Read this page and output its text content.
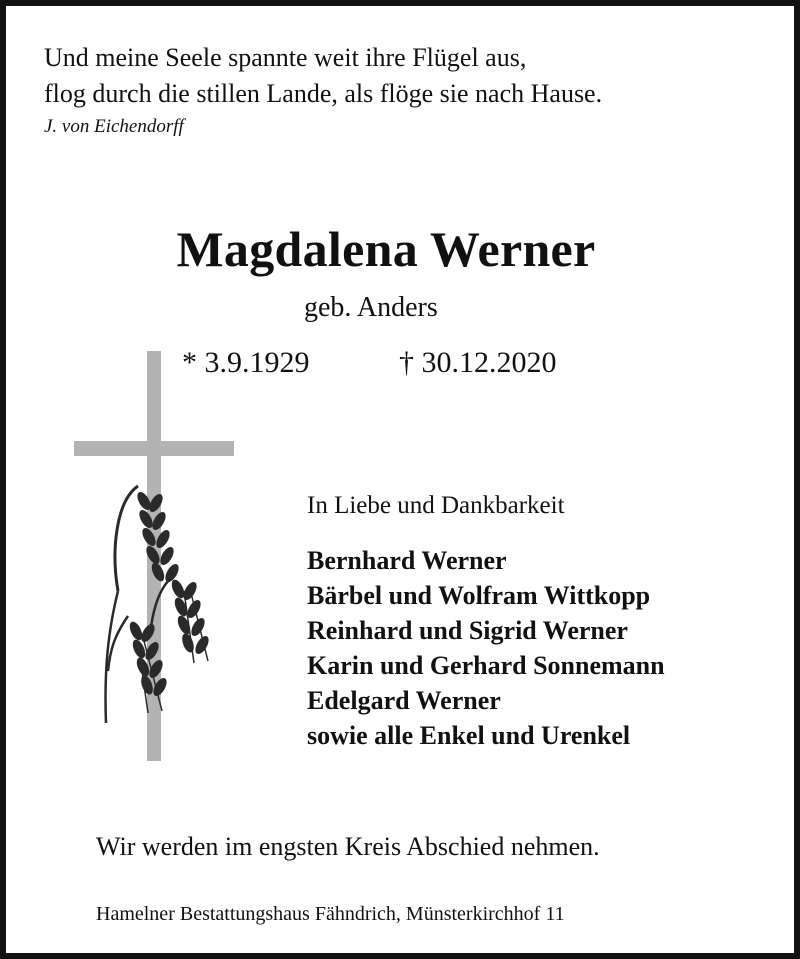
Und meine Seele spannte weit ihre Flügel aus,
flog durch die stillen Lande, als flöge sie nach Hause.
J. von Eichendorff
Magdalena Werner
geb. Anders
* 3.9.1929	† 30.12.2020
In Liebe und Dankbarkeit
Bernhard Werner
Bärbel und Wolfram Wittkopp
Reinhard und Sigrid Werner
Karin und Gerhard Sonnemann
Edelgard Werner
sowie alle Enkel und Urenkel
Wir werden im engsten Kreis Abschied nehmen.
Hamelner Bestattungshaus Fähndrich, Münsterkirchhof 11
